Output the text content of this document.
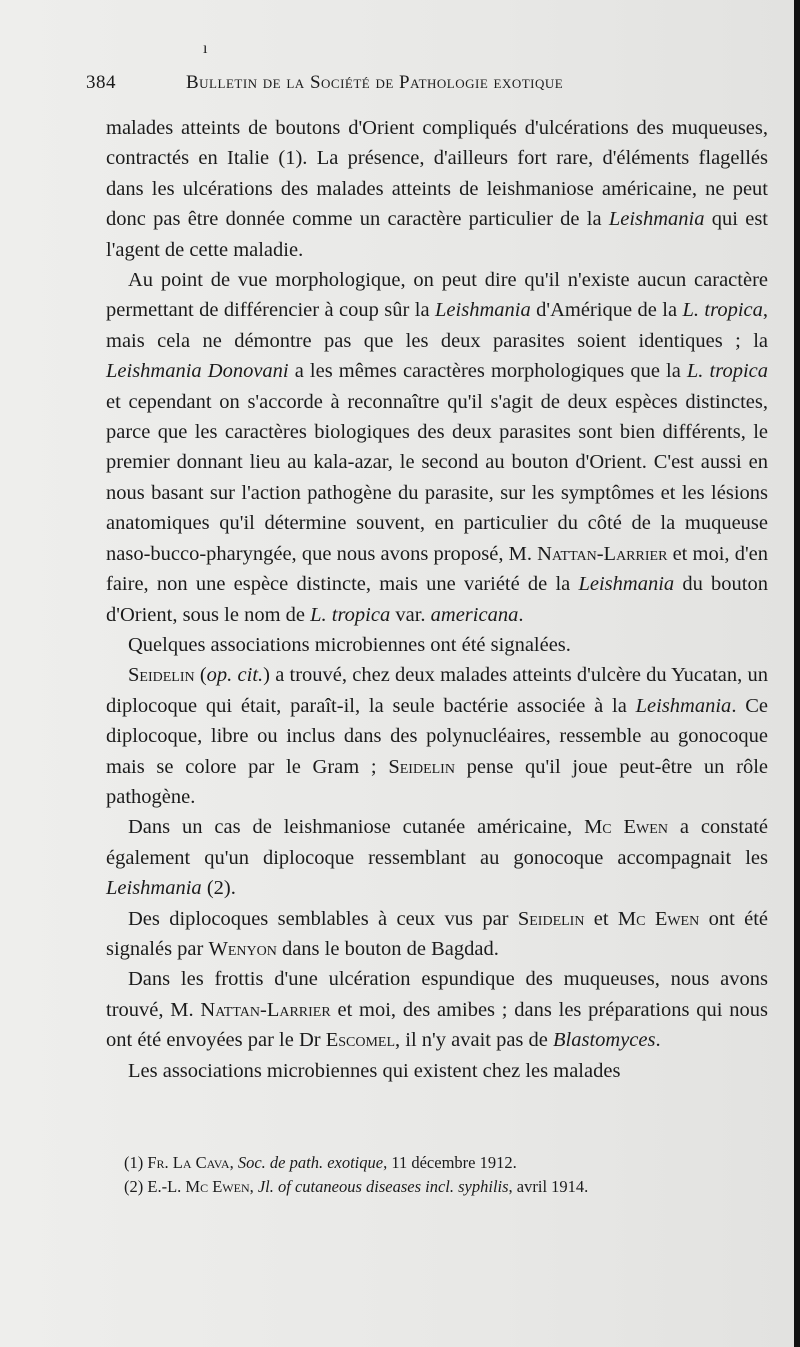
ı
384	Bulletin de la Société de Pathologie exotique

malades atteints de boutons d'Orient compliqués d'ulcérations des muqueuses, contractés en Italie (1). La présence, d'ailleurs fort rare, d'éléments flagellés dans les ulcérations des malades atteints de leishmaniose américaine, ne peut donc pas être donnée comme un caractère particulier de la Leishmania qui est l'agent de cette maladie.

Au point de vue morphologique, on peut dire qu'il n'existe aucun caractère permettant de différencier à coup sûr la Leishmania d'Amérique de la L. tropica, mais cela ne démontre pas que les deux parasites soient identiques ; la Leishmania Donovani a les mêmes caractères morphologiques que la L. tropica et cependant on s'accorde à reconnaître qu'il s'agit de deux espèces distinctes, parce que les caractères biologiques des deux parasites sont bien différents, le premier donnant lieu au kala-azar, le second au bouton d'Orient. C'est aussi en nous basant sur l'action pathogène du parasite, sur les symptômes et les lésions anatomiques qu'il détermine souvent, en particulier du côté de la muqueuse naso-bucco-pharyngée, que nous avons proposé, M. Nattan-Larrier et moi, d'en faire, non une espèce distincte, mais une variété de la Leishmania du bouton d'Orient, sous le nom de L. tropica var. americana.

Quelques associations microbiennes ont été signalées.

Seidelin (op. cit.) a trouvé, chez deux malades atteints d'ulcère du Yucatan, un diplocoque qui était, paraît-il, la seule bactérie associée à la Leishmania. Ce diplocoque, libre ou inclus dans des polynucléaires, ressemble au gonocoque mais se colore par le Gram ; Seidelin pense qu'il joue peut-être un rôle pathogène.

Dans un cas de leishmaniose cutanée américaine, Mc Ewen a constaté également qu'un diplocoque ressemblant au gonocoque accompagnait les Leishmania (2).

Des diplocoques semblables à ceux vus par Seidelin et Mc Ewen ont été signalés par Wenyon dans le bouton de Bagdad.

Dans les frottis d'une ulcération espundique des muqueuses, nous avons trouvé, M. Nattan-Larrier et moi, des amibes ; dans les préparations qui nous ont été envoyées par le Dr Escomel, il n'y avait pas de Blastomyces.

Les associations microbiennes qui existent chez les malades

(1) Fr. La Cava, Soc. de path. exotique, 11 décembre 1912.

(2) E.-L. Mc Ewen, Jl. of cutaneous diseases incl. syphilis, avril 1914.
